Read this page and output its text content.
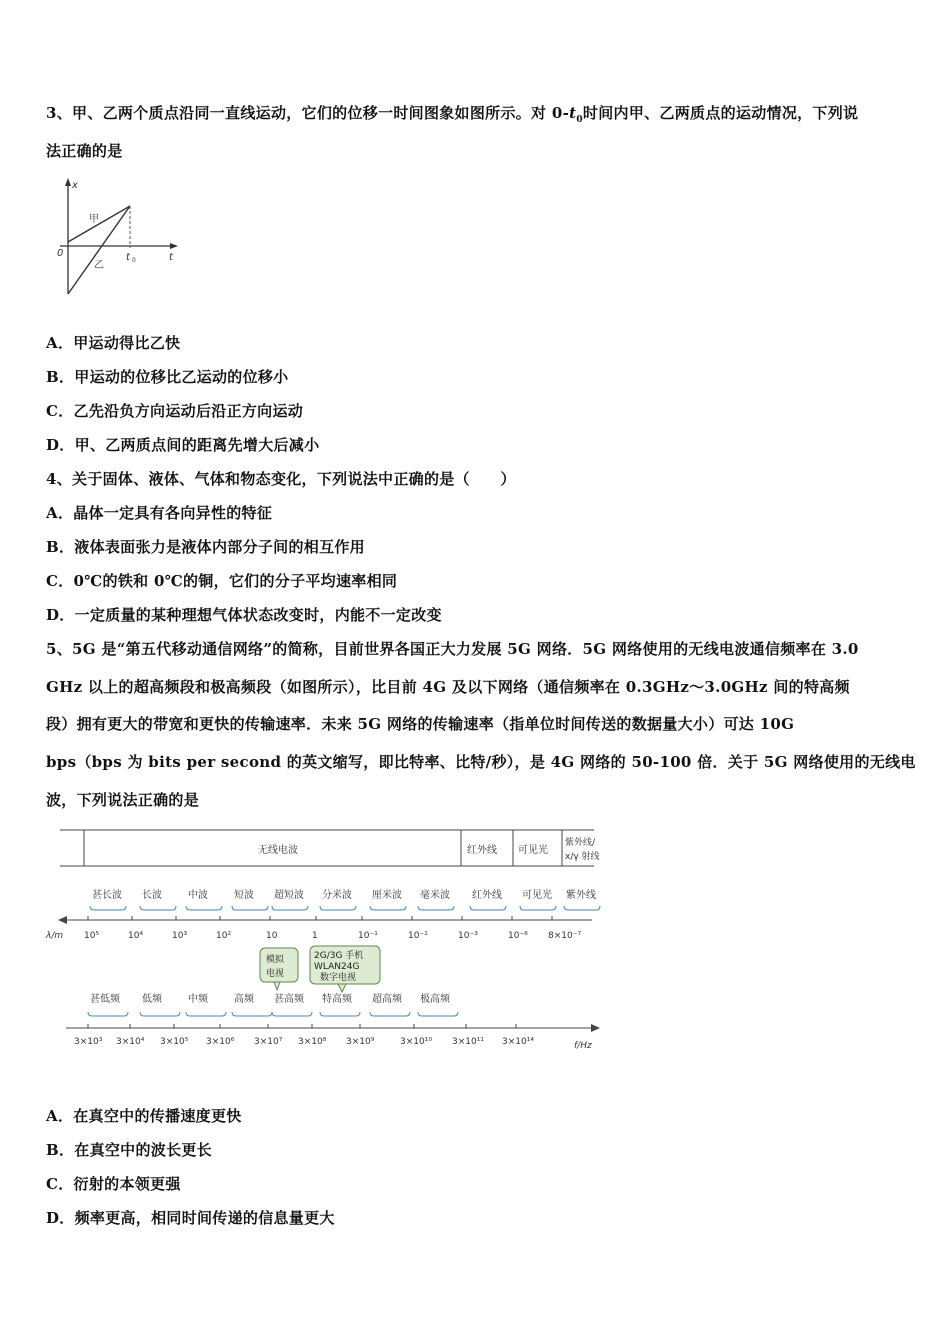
3、甲、乙两个质点沿同一直线运动，它们的位移一时间图象如图所示。对 $0-t_0$时间内甲、乙两质点的运动情况，下列说
法正确的是
x
t
0	t 0
甲
乙
A．甲运动得比乙快
B．甲运动的位移比乙运动的位移小
C．乙先沿负方向运动后沿正方向运动
D．甲、乙两质点间的距离先增大后减小
4、关于固体、液体、气体和物态变化，下列说法中正确的是（　　）
A．晶体一定具有各向异性的特征
B．液体表面张力是液体内部分子间的相互作用
C．0℃的铁和 0℃的铜，它们的分子平均速率相同
D．一定质量的某种理想气体状态改变时，内能不一定改变
5、5G 是“第五代移动通信网络”的简称，目前世界各国正大力发展 5G 网络．5G 网络使用的无线电波通信频率在 3.0
GHz 以上的超高频段和极高频段（如图所示），比目前 4G 及以下网络（通信频率在 0.3GHz～3.0GHz 间的特高频
段）拥有更大的带宽和更快的传输速率．未来 5G 网络的传输速率（指单位时间传送的数据量大小）可达 10G
bps（bps 为 bits per second 的英文缩写，即比特率、比特/秒），是 4G 网络的 50-100 倍．关于 5G 网络使用的无线电
波，下列说法正确的是
无线电波	红外线 可见光
紫外线/
x/γ 射线
甚长波 长波	中波	短波 超短波 分米波 厘米波 毫米波 红外线 可见光 紫外线
λ/m 10⁵	10⁴	10³	10²	10	1	10⁻¹	10⁻²	10⁻³	10⁻⁶ 8×10⁻⁷
模拟
电视
2G/3G 手机
WLAN24G
数字电视
甚低频 低频	中频	高频 甚高频 特高频 超高频 极高频
f/Hz
3×10³ 3×10⁴ 3×10⁵ 3×10⁶ 3×10⁷ 3×10⁸ 3×10⁹	3×10¹⁰ 3×10¹¹ 3×10¹⁴
A．在真空中的传播速度更快
B．在真空中的波长更长
C．衍射的本领更强
D．频率更高，相同时间传递的信息量更大
